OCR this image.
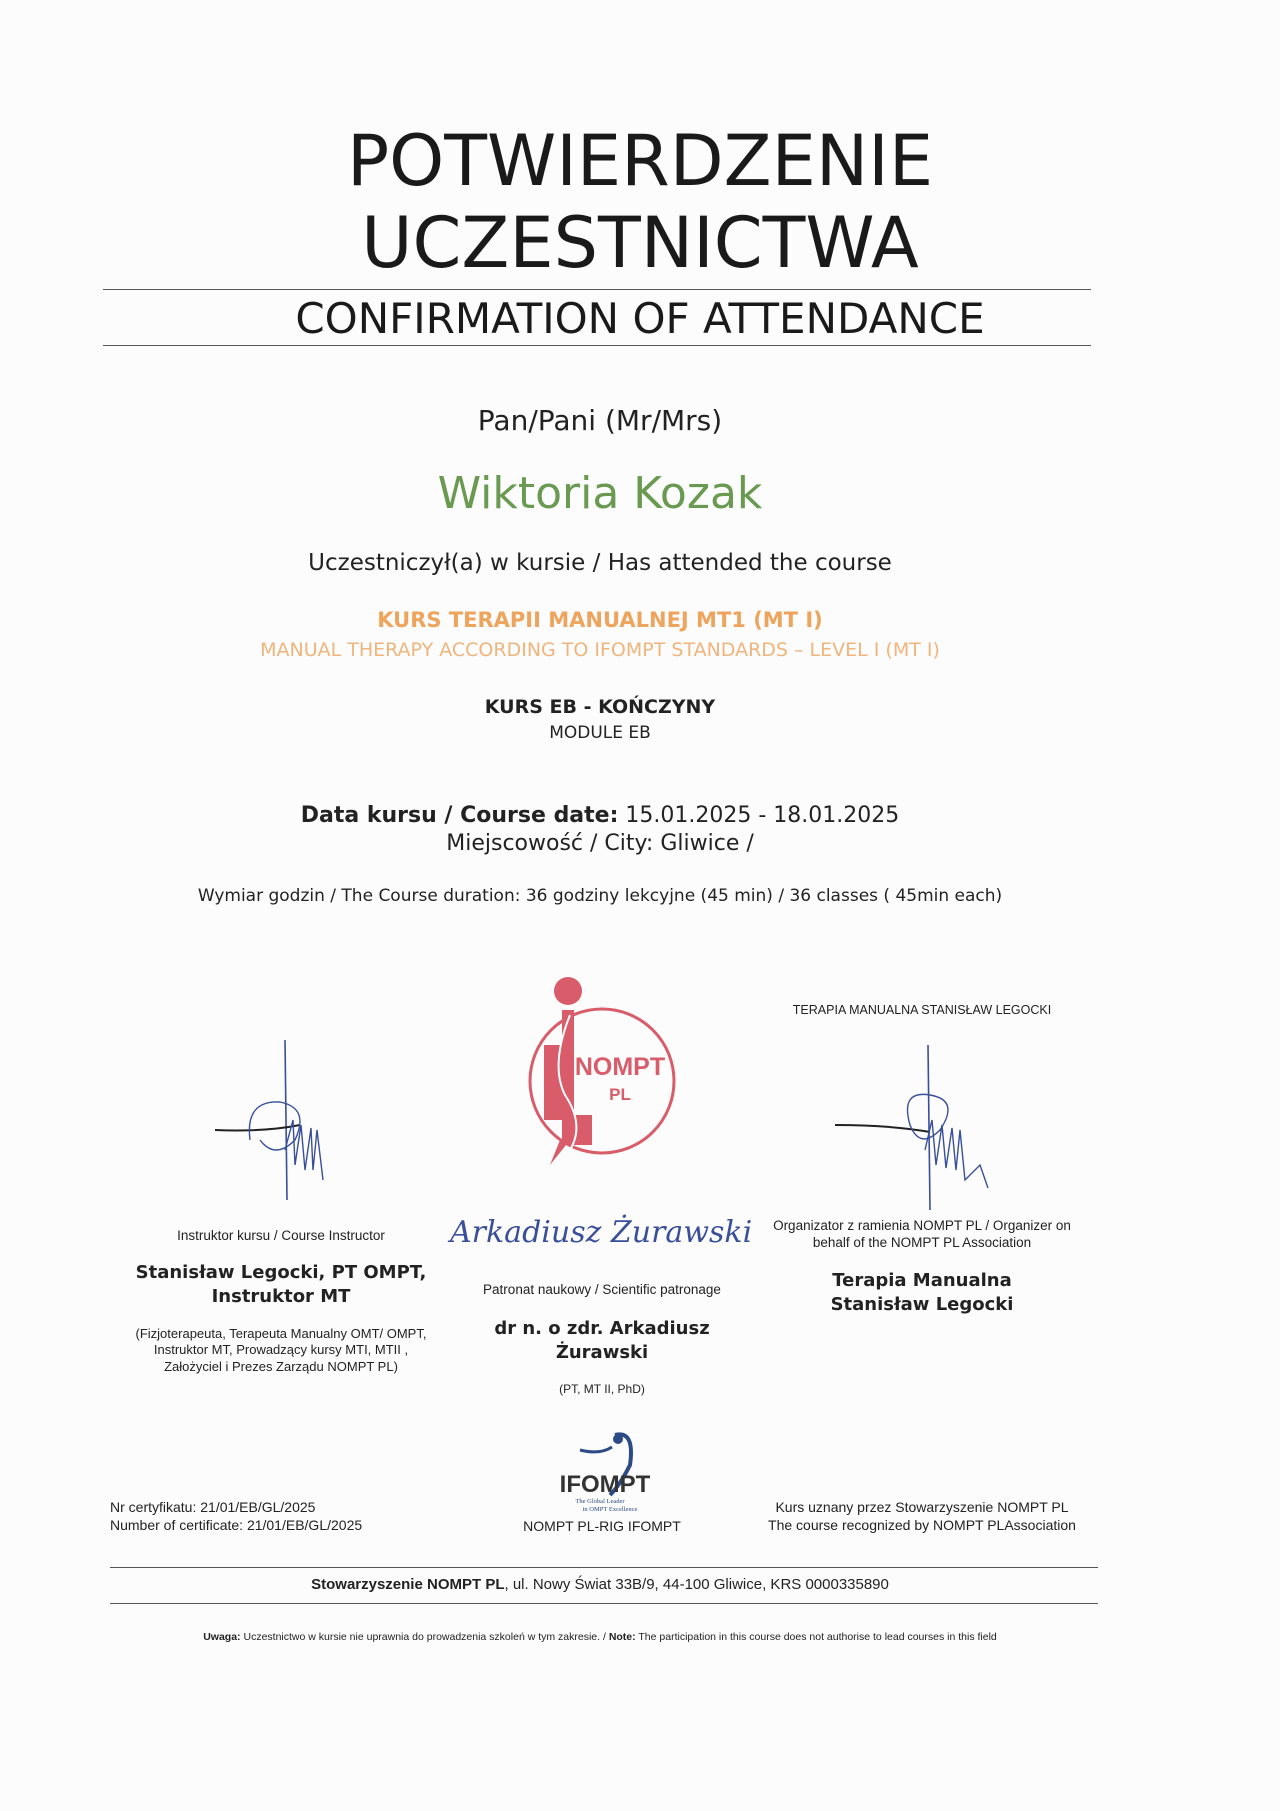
POTWIERDZENIE
UCZESTNICTWA
CONFIRMATION OF ATTENDANCE
Pan/Pani (Mr/Mrs)
Wiktoria Kozak
Uczestniczył(a) w kursie / Has attended the course
KURS TERAPII MANUALNEJ MT1 (MT I)
MANUAL THERAPY ACCORDING TO IFOMPT STANDARDS – LEVEL I (MT I)
KURS EB - KOŃCZYNY
MODULE EB
Data kursu / Course date: 15.01.2025 - 18.01.2025
Miejscowość / City: Gliwice /
Wymiar godzin / The Course duration: 36 godziny lekcyjne (45 min) / 36 classes ( 45min each)
Instruktor kursu / Course Instructor
Stanisław Legocki, PT OMPT,
Instruktor MT
(Fizjoterapeuta, Terapeuta Manualny OMT/ OMPT,
Instruktor MT, Prowadzący kursy MTI, MTII ,
Założyciel i Prezes Zarządu NOMPT PL)
NOMPT
PL
Arkadiusz Żurawski
Patronat naukowy / Scientific patronage
dr n. o zdr. Arkadiusz
Żurawski
(PT, MT II, PhD)
IFOMPT
The Global Leader
in OMPT Excellence
NOMPT PL-RIG IFOMPT
TERAPIA MANUALNA STANISŁAW LEGOCKI
Organizator z ramienia NOMPT PL / Organizer on
behalf of the NOMPT PL Association
Terapia Manualna
Stanisław Legocki
Nr certyfikatu: 21/01/EB/GL/2025
Number of certificate: 21/01/EB/GL/2025
Kurs uznany przez Stowarzyszenie NOMPT PL
The course recognized by NOMPT PLAssociation
Stowarzyszenie NOMPT PL, ul. Nowy Świat 33B/9, 44-100 Gliwice, KRS 0000335890
Uwaga: Uczestnictwo w kursie nie uprawnia do prowadzenia szkoleń w tym zakresie. / Note: The participation in this course does not authorise to lead courses in this field
